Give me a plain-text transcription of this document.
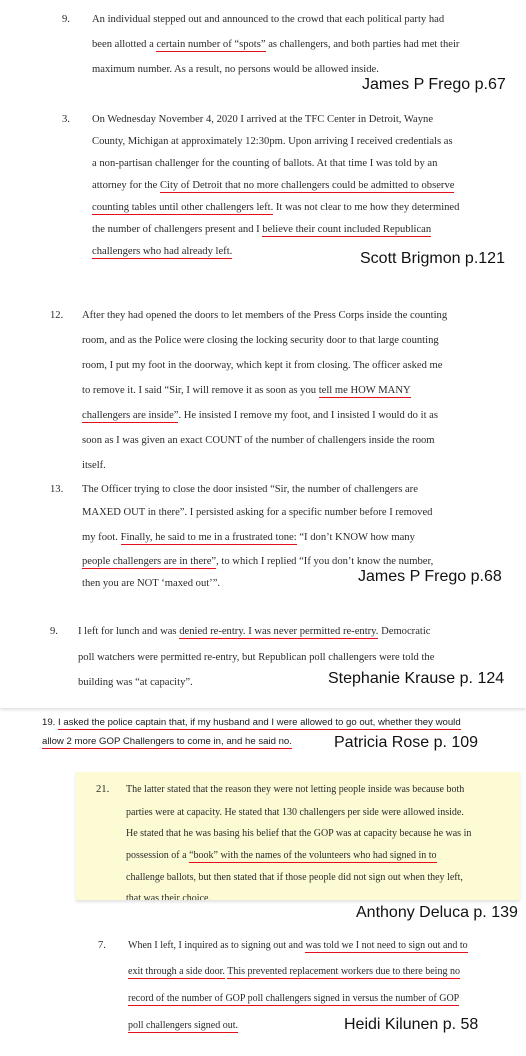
9. An individual stepped out and announced to the crowd that each political party had
been allotted a certain number of “spots” as challengers, and both parties had met their
maximum number. As a result, no persons would be allowed inside.
James P Frego p.67
3. On Wednesday November 4, 2020 I arrived at the TFC Center in Detroit, Wayne
County, Michigan at approximately 12:30pm. Upon arriving I received credentials as
a non-partisan challenger for the counting of ballots. At that time I was told by an
attorney for the City of Detroit that no more challengers could be admitted to observe
counting tables until other challengers left. It was not clear to me how they determined
the number of challengers present and I believe their count included Republican
challengers who had already left.	Scott Brigmon p.121
12. After they had opened the doors to let members of the Press Corps inside the counting
room, and as the Police were closing the locking security door to that large counting
room, I put my foot in the doorway, which kept it from closing. The officer asked me
to remove it. I said “Sir, I will remove it as soon as you tell me HOW MANY
challengers are inside”. He insisted I remove my foot, and I insisted I would do it as
soon as I was given an exact COUNT of the number of challengers inside the room
itself.
13. The Officer trying to close the door insisted “Sir, the number of challengers are
MAXED OUT in there”. I persisted asking for a specific number before I removed
my foot. Finally, he said to me in a frustrated tone: “I don’t KNOW how many
people challengers are in there”, to which I replied “If you don’t know the number,
then you are NOT ‘maxed out’”.	James P Frego p.68
9. I left for lunch and was denied re-entry. I was never permitted re-entry. Democratic
poll watchers were permitted re-entry, but Republican poll challengers were told the
building was “at capacity”.	Stephanie Krause p. 124
19. I asked the police captain that, if my husband and I were allowed to go out, whether they would
allow 2 more GOP Challengers to come in, and he said no.	Patricia Rose p. 109
21. The latter stated that the reason they were not letting people inside was because both
parties were at capacity. He stated that 130 challengers per side were allowed inside.
He stated that he was basing his belief that the GOP was at capacity because he was in
possession of a “book” with the names of the volunteers who had signed in to
challenge ballots, but then stated that if those people did not sign out when they left,
that was their choice.
Anthony Deluca p. 139
7. When I left, I inquired as to signing out and was told we I not need to sign out and to
exit through a side door. This prevented replacement workers due to there being no
record of the number of GOP poll challengers signed in versus the number of GOP
poll challengers signed out.	Heidi Kilunen p. 58
